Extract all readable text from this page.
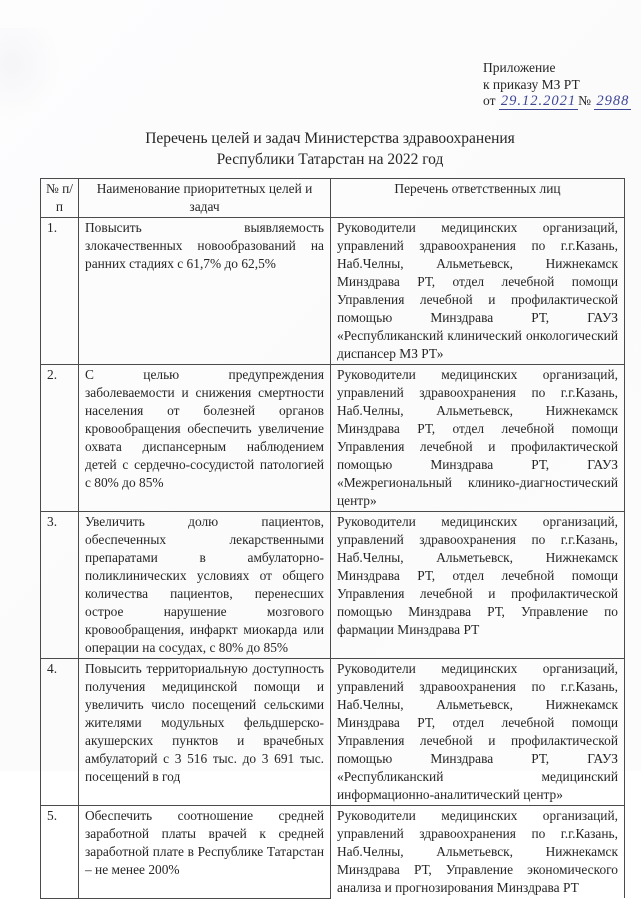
Приложение
к приказу МЗ РТ
от 29.12.2021 № 2988
Перечень целей и задач Министерства здравоохранения
Республики Татарстан на 2022 год
№ п/п	Наименование приоритетных целей и задач	Перечень ответственных лиц
1.	Повысить выявляемость злокачественных новообразований на ранних стадиях с 61,7% до 62,5%	Руководители медицинских организаций, управлений здравоохранения по г.г.Казань, Наб.Челны, Альметьевск, Нижнекамск Минздрава РТ, отдел лечебной помощи Управления лечебной и профилактической помощью Минздрава РТ, ГАУЗ «Республиканский клинический онкологический диспансер МЗ РТ»
2.	С целью предупреждения заболеваемости и снижения смертности населения от болезней органов кровообращения обеспечить увеличение охвата диспансерным наблюдением детей с сердечно-сосудистой патологией с 80% до 85%	Руководители медицинских организаций, управлений здравоохранения по г.г.Казань, Наб.Челны, Альметьевск, Нижнекамск Минздрава РТ, отдел лечебной помощи Управления лечебной и профилактической помощью Минздрава РТ, ГАУЗ «Межрегиональный клинико-диагностический центр»
3.	Увеличить долю пациентов, обеспеченных лекарственными препаратами в амбулаторно-поликлинических условиях от общего количества пациентов, перенесших острое нарушение мозгового кровообращения, инфаркт миокарда или операции на сосудах, с 80% до 85%	Руководители медицинских организаций, управлений здравоохранения по г.г.Казань, Наб.Челны, Альметьевск, Нижнекамск Минздрава РТ, отдел лечебной помощи Управления лечебной и профилактической помощью Минздрава РТ, Управление по фармации Минздрава РТ
4.	Повысить территориальную доступность получения медицинской помощи и увеличить число посещений сельскими жителями модульных фельдшерско-акушерских пунктов и врачебных амбулаторий с 3 516 тыс. до 3 691 тыс. посещений в год	Руководители медицинских организаций, управлений здравоохранения по г.г.Казань, Наб.Челны, Альметьевск, Нижнекамск Минздрава РТ, отдел лечебной помощи Управления лечебной и профилактической помощью Минздрава РТ, ГАУЗ «Республиканский медицинский информационно-аналитический центр»
5.	Обеспечить соотношение средней заработной платы врачей к средней заработной плате в Республике Татарстан – не менее 200%	Руководители медицинских организаций, управлений здравоохранения по г.г.Казань, Наб.Челны, Альметьевск, Нижнекамск Минздрава РТ, Управление экономического анализа и прогнозирования Минздрава РТ
